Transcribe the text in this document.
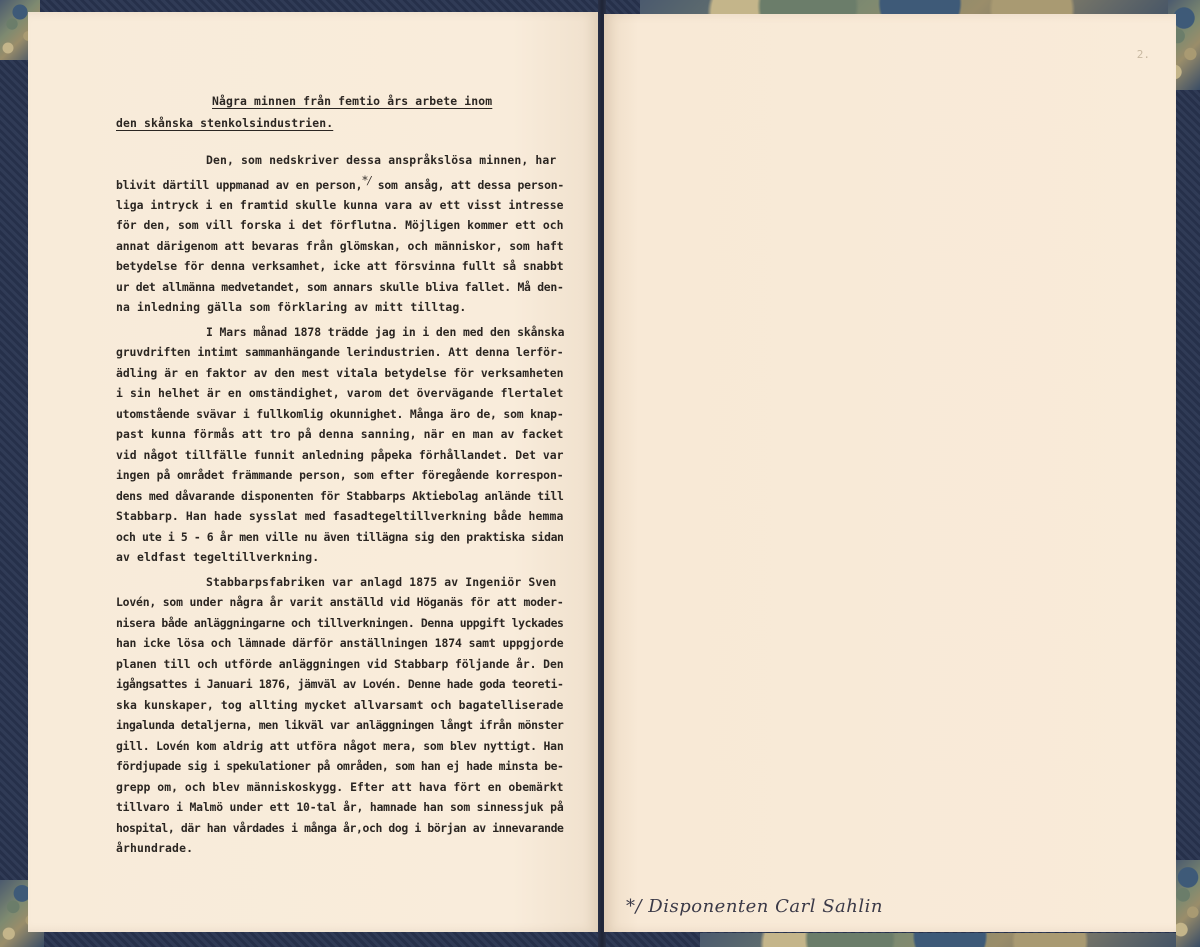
2.

Några minnen från femtio års arbete inom

den skånska stenkolsindustrien.

Den, som nedskriver dessa anspråkslösa minnen, har
blivit därtill uppmanad av en person,*/ som ansåg, att dessa person-
liga intryck i en framtid skulle kunna vara av ett visst intresse
för den, som vill forska i det förflutna. Möjligen kommer ett och
annat därigenom att bevaras från glömskan, och människor, som haft
betydelse för denna verksamhet, icke att försvinna fullt så snabbt
ur det allmänna medvetandet, som annars skulle bliva fallet. Må den-
na inledning gälla som förklaring av mitt tilltag.
I Mars månad 1878 trädde jag in i den med den skånska
gruvdriften intimt sammanhängande lerindustrien. Att denna lerför-
ädling är en faktor av den mest vitala betydelse för verksamheten
i sin helhet är en omständighet, varom det övervägande flertalet
utomstående svävar i fullkomlig okunnighet. Många äro de, som knap-
past kunna förmås att tro på denna sanning, när en man av facket
vid något tillfälle funnit anledning påpeka förhållandet. Det var
ingen på området främmande person, som efter föregående korrespon-
dens med dåvarande disponenten för Stabbarps Aktiebolag anlände till
Stabbarp. Han hade sysslat med fasadtegeltillverkning både hemma
och ute i 5 - 6 år men ville nu även tillägna sig den praktiska sidan
av eldfast tegeltillverkning.
Stabbarpsfabriken var anlagd 1875 av Ingeniör Sven
Lovén, som under några år varit anställd vid Höganäs för att moder-
nisera både anläggningarne och tillverkningen. Denna uppgift lyckades
han icke lösa och lämnade därför anställningen 1874 samt uppgjorde
planen till och utförde anläggningen vid Stabbarp följande år. Den
igångsattes i Januari 1876, jämväl av Lovén. Denne hade goda teoreti-
ska kunskaper, tog allting mycket allvarsamt och bagatelliserade
ingalunda detaljerna, men likväl var anläggningen långt ifrån mönster
gill. Lovén kom aldrig att utföra något mera, som blev nyttigt. Han
fördjupade sig i spekulationer på områden, som han ej hade minsta be-
grepp om, och blev människoskygg. Efter att hava fört en obemärkt
tillvaro i Malmö under ett 10-tal år, hamnade han som sinnessjuk på
hospital, där han vårdades i många år,och dog i början av innevarande
århundrade.
*/ Disponenten Carl Sahlin
